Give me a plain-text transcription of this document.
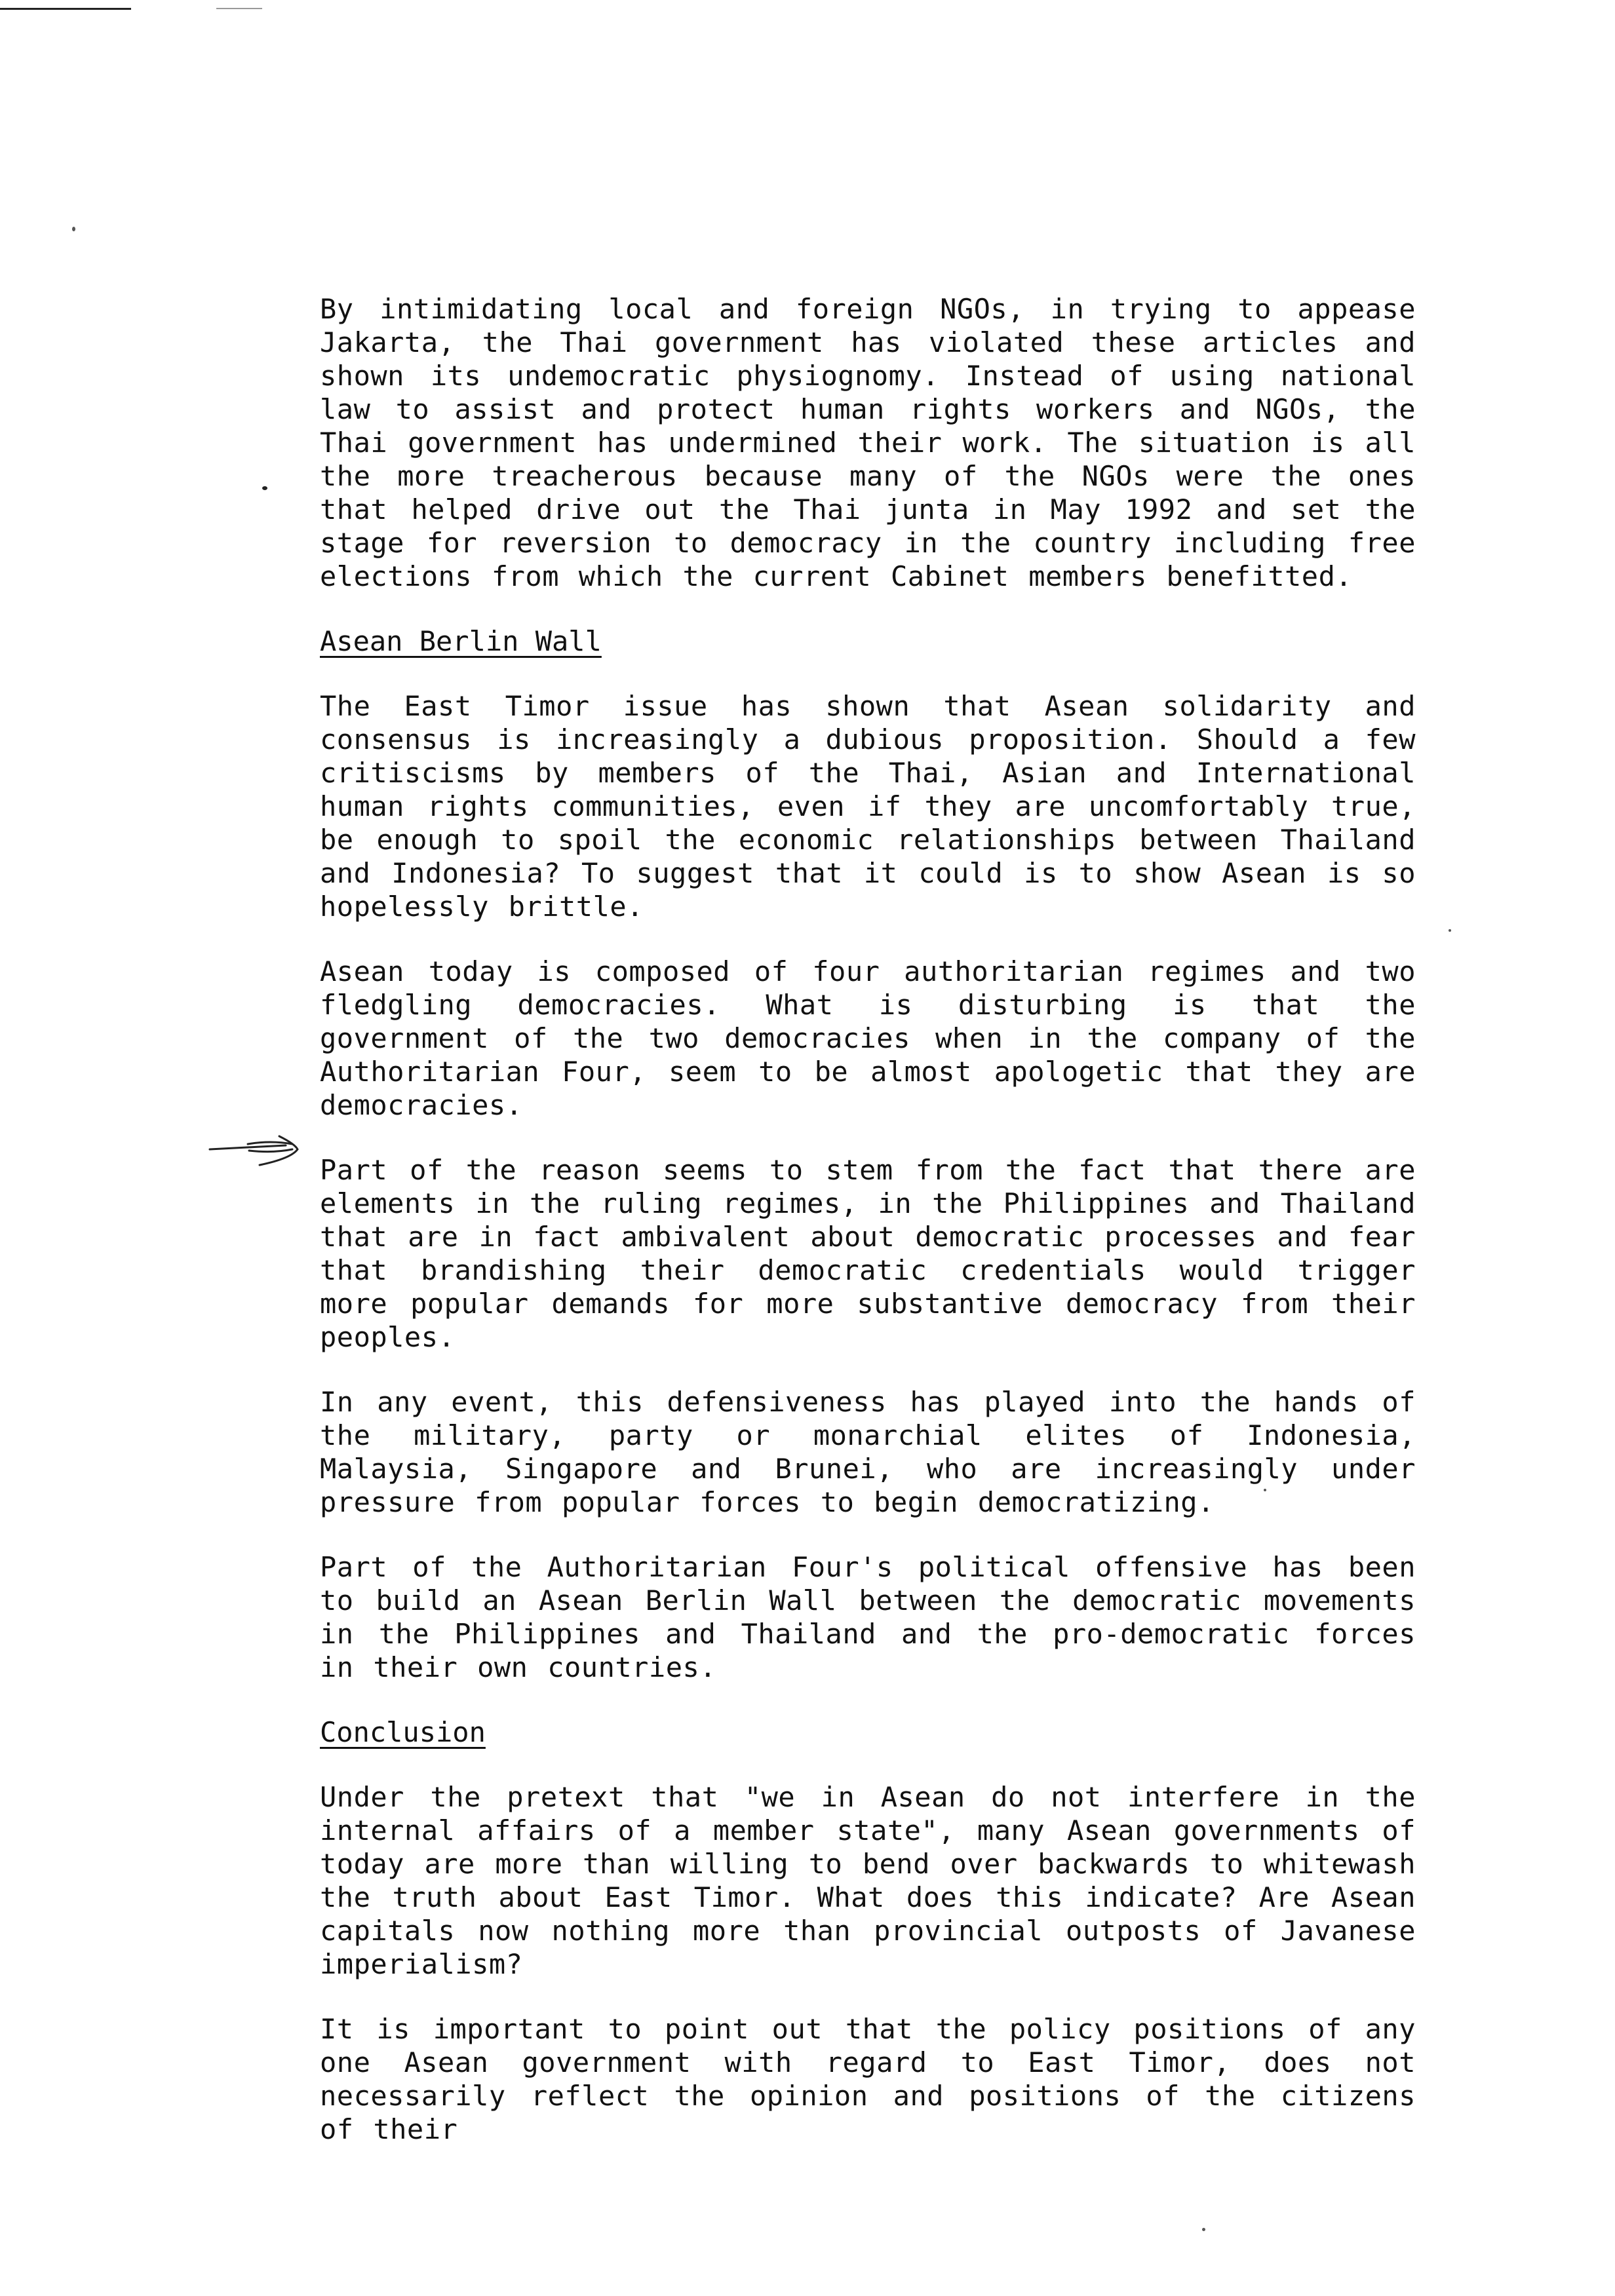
By intimidating local and foreign NGOs, in trying to appease Jakarta, the Thai government has violated these articles and shown its undemocratic physiognomy. Instead of using national law to assist and protect human rights workers and NGOs, the Thai government has undermined their work. The situation is all the more treacherous because many of the NGOs were the ones that helped drive out the Thai junta in May 1992 and set the stage for reversion to democracy in the country including free elections from which the current Cabinet members benefitted.

Asean Berlin Wall

The East Timor issue has shown that Asean solidarity and consensus is increasingly a dubious proposition. Should a few critiscisms by members of the Thai, Asian and International human rights communities, even if they are uncomfortably true, be enough to spoil the economic relationships between Thailand and Indonesia? To suggest that it could is to show Asean is so hopelessly brittle.

Asean today is composed of four authoritarian regimes and two fledgling democracies. What is disturbing is that the government of the two democracies when in the company of the Authoritarian Four, seem to be almost apologetic that they are democracies.

Part of the reason seems to stem from the fact that there are elements in the ruling regimes, in the Philippines and Thailand that are in fact ambivalent about democratic processes and fear that brandishing their democratic credentials would trigger more popular demands for more substantive democracy from their peoples.

In any event, this defensiveness has played into the hands of the military, party or monarchial elites of Indonesia, Malaysia, Singapore and Brunei, who are increasingly under pressure from popular forces to begin democratizing.

Part of the Authoritarian Four's political offensive has been to build an Asean Berlin Wall between the democratic movements in the Philippines and Thailand and the pro-democratic forces in their own countries.

Conclusion

Under the pretext that "we in Asean do not interfere in the internal affairs of a member state", many Asean governments of today are more than willing to bend over backwards to whitewash the truth about East Timor. What does this indicate? Are Asean capitals now nothing more than provincial outposts of Javanese imperialism?

It is important to point out that the policy positions of any one Asean government with regard to East Timor, does not necessarily reflect the opinion and positions of the citizens of their
